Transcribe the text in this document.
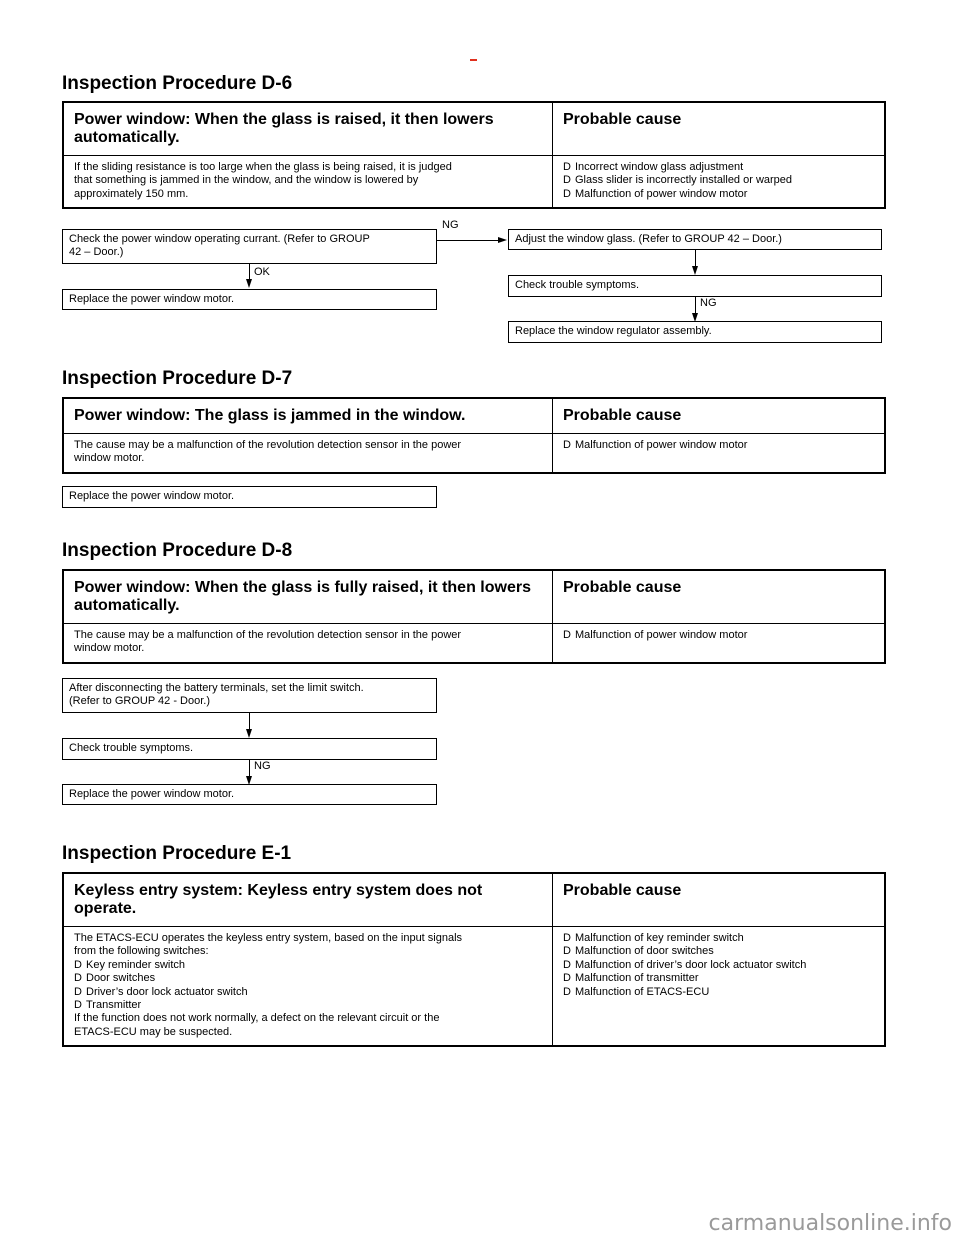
Inspection Procedure D-6
Power window: When the glass is raised, it then lowers automatically.
Probable cause
If the sliding resistance is too large when the glass is being raised, it is judged
that something is jammed in the window, and the window is lowered by
approximately 150 mm.
D Incorrect window glass adjustment
D Glass slider is incorrectly installed or warped
D Malfunction of power window motor
Check the power window operating currant. (Refer to GROUP
42 – Door.)
NG
Adjust the window glass. (Refer to GROUP 42 – Door.)
OK
Replace the power window motor.
Check trouble symptoms.
NG
Replace the window regulator assembly.
Inspection Procedure D-7
Power window: The glass is jammed in the window.	Probable cause
The cause may be a malfunction of the revolution detection sensor in the power
window motor.
D Malfunction of power window motor
Replace the power window motor.
Inspection Procedure D-8
Power window: When the glass is fully raised, it then lowers automatically.
Probable cause
The cause may be a malfunction of the revolution detection sensor in the power
window motor.
D Malfunction of power window motor
After disconnecting the battery terminals, set the limit switch.
(Refer to GROUP 42 - Door.)
Check trouble symptoms.
NG
Replace the power window motor.
Inspection Procedure E-1
Keyless entry system: Keyless entry system does not operate.
Probable cause
The ETACS-ECU operates the keyless entry system, based on the input signals
from the following switches:
D Key reminder switch
D Door switches
D Driver’s door lock actuator switch
D Transmitter
If the function does not work normally, a defect on the relevant circuit or the
ETACS-ECU may be suspected.
D Malfunction of key reminder switch
D Malfunction of door switches
D Malfunction of driver’s door lock actuator switch
D Malfunction of transmitter
D Malfunction of ETACS-ECU
carmanualsonline.info
